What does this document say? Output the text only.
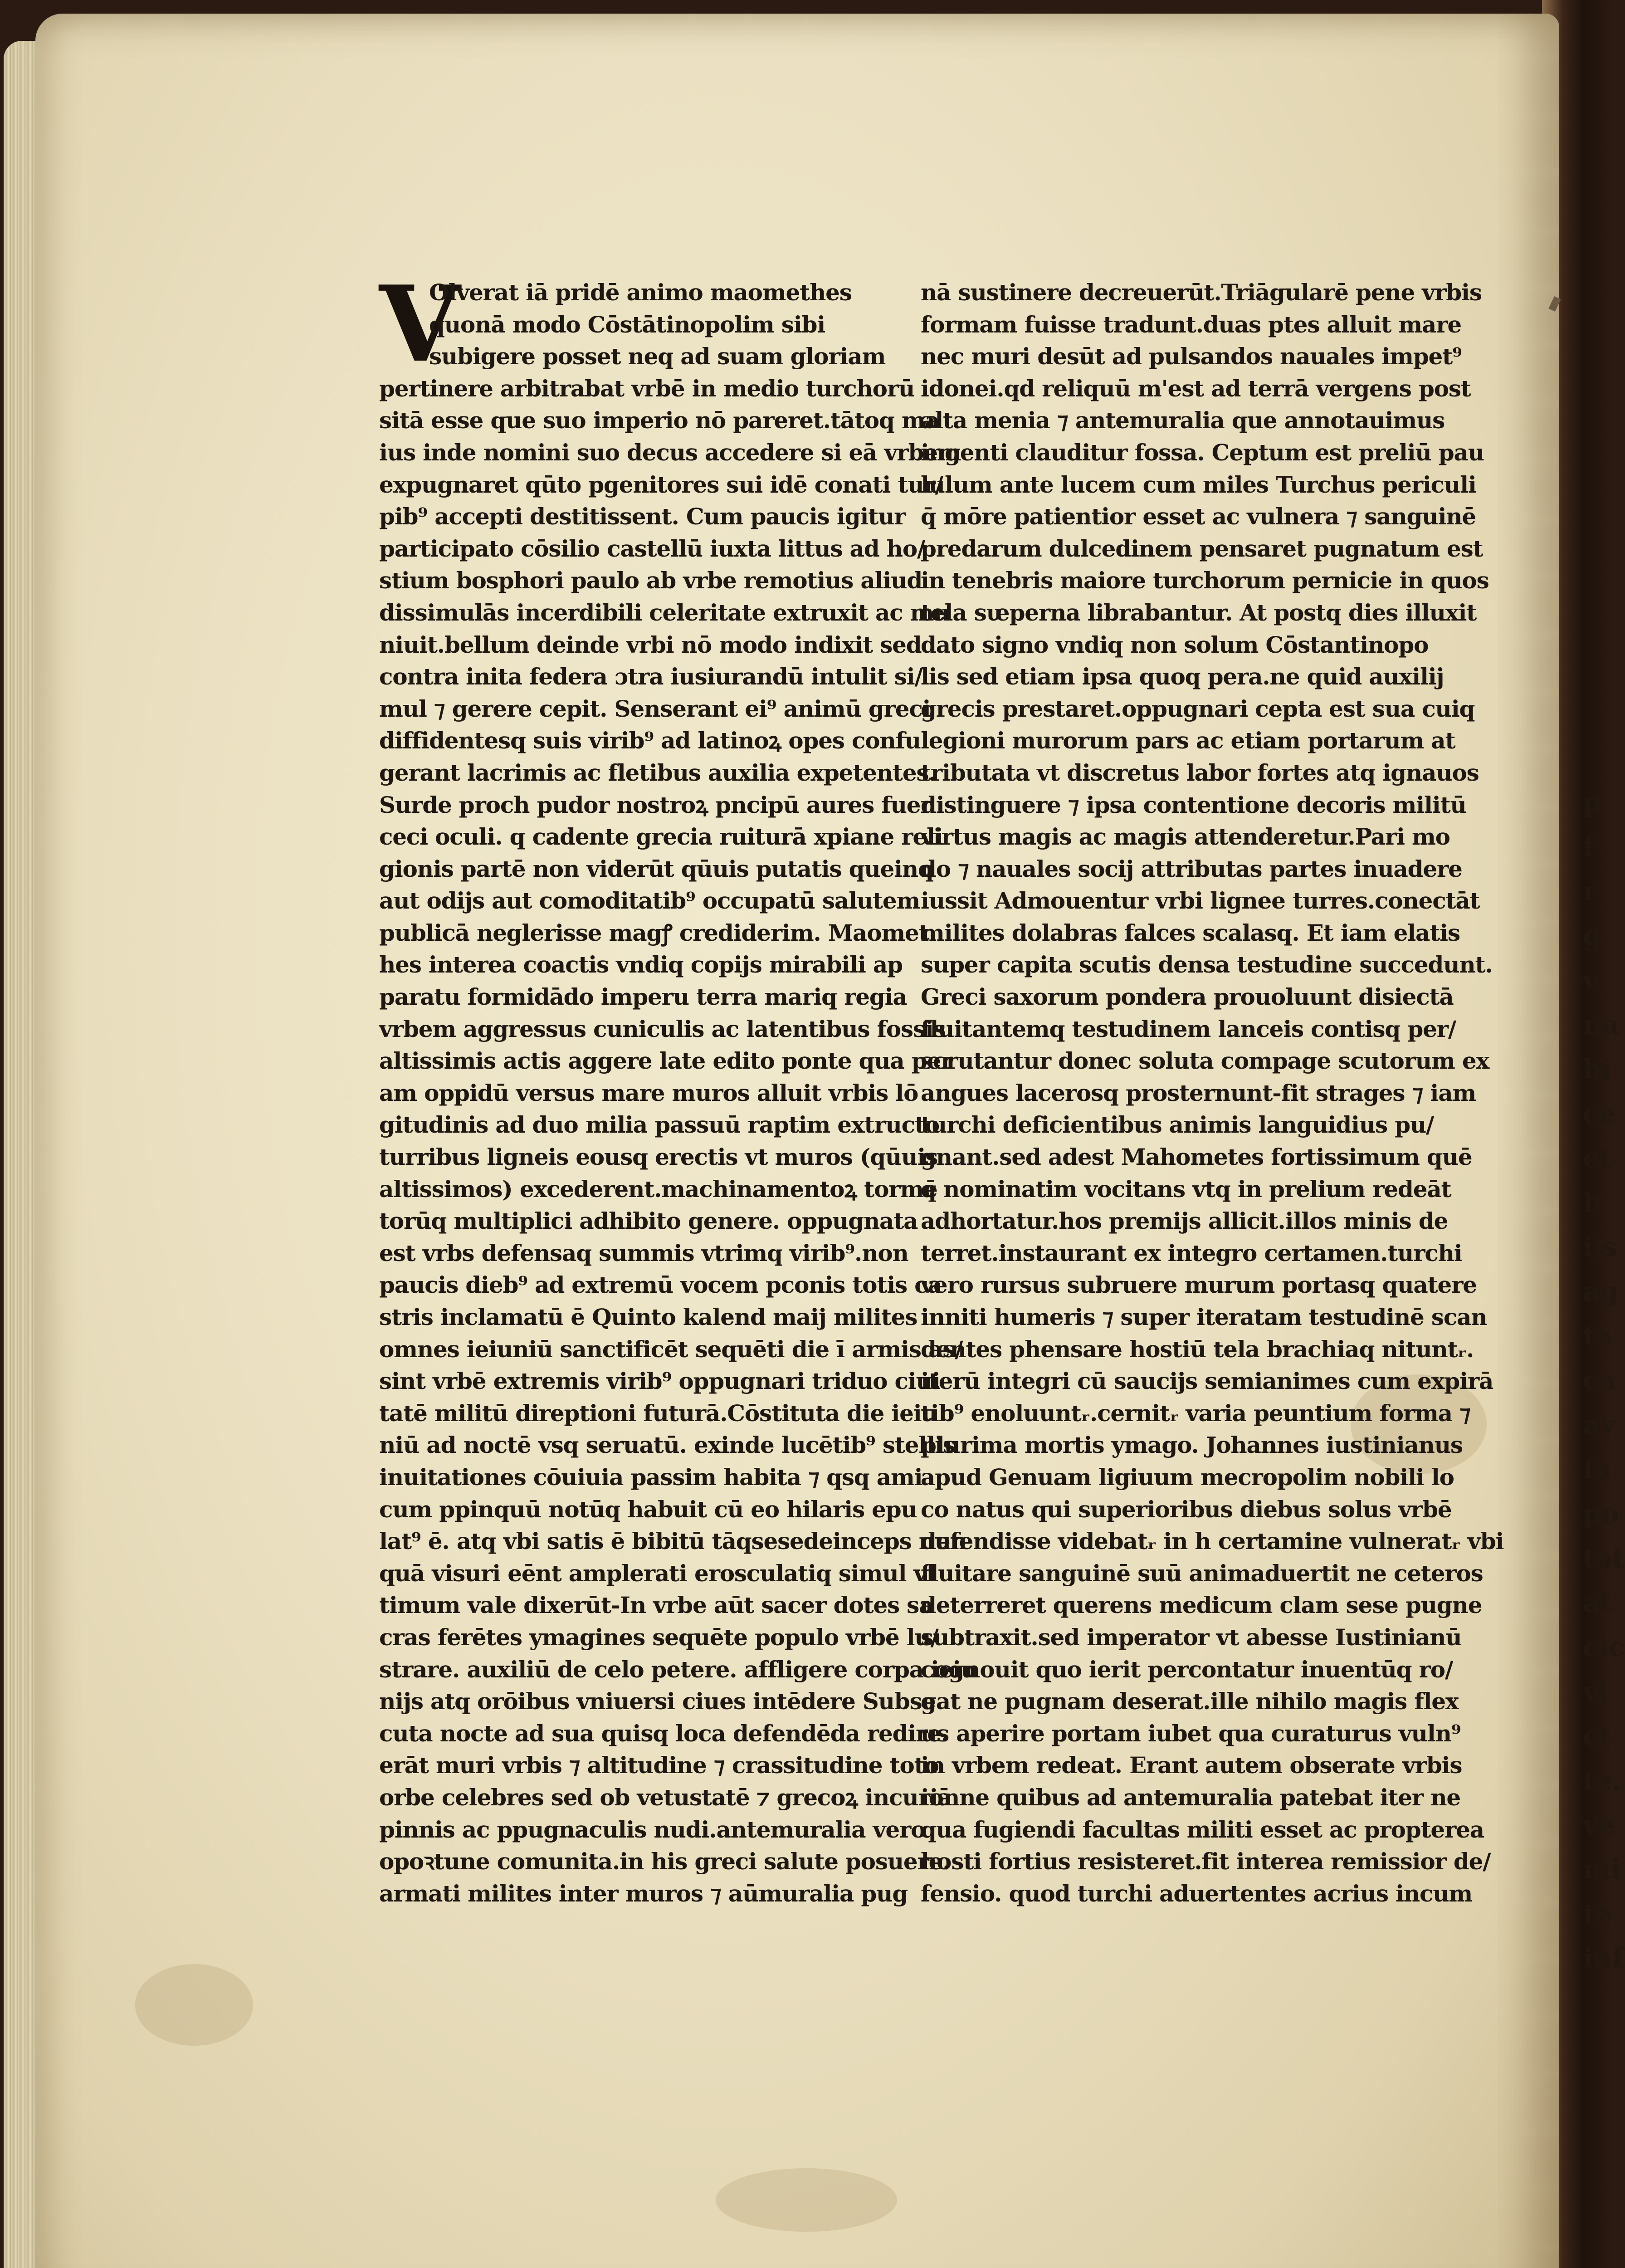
p
f
r
g
v
na
bi
ce
et
h
ijs
ag
te
ca
av
fa
po
tot
at
cic
vi
ct
te.
ve
mi
te
inf
V
Olverat iā pridē animo maomethes
quonā modo Cōstātinopolim sibi
subigere posset neq ad suam gloriam
pertinere arbitrabat vrbē in medio turchorū
sitā esse que suo imperio nō pareret.tātoq ma
ius inde nomini suo decus accedere si eā vrbem
expugnaret qūto pgenitores sui idē conati tur/
pib⁹ accepti destitissent. Cum paucis igitur
participato cōsilio castellū iuxta littus ad ho/
stium bosphori paulo ab vrbe remotius aliud
dissimulās incerdibili celeritate extruxit ac mu
niuit.bellum deinde vrbi nō modo indixit sed
contra inita federa ɔtra iusiurandū intulit si/
mul ⁊ gerere cepit. Senserant ei⁹ animū greci
diffidentesq suis virib⁹ ad latinoꝝ opes confu
gerant lacrimis ac fletibus auxilia expetentes.
Surde proch pudor nostroꝝ pncipū aures fuer
ceci oculi. q cadente grecia ruiturā xpiane reli
gionis partē non viderūt qūuis putatis queinq
aut odijs aut comoditatib⁹ occupatū salutem
publicā neglerisse magꝭ crediderim. Maomet
hes interea coactis vndiq copijs mirabili ap
paratu formidādo imperu terra mariq regia
vrbem aggressus cuniculis ac latentibus fossis
altissimis actis aggere late edito ponte qua per
am oppidū versus mare muros alluit vrbis lō
gitudinis ad duo milia passuū raptim extructo
turribus ligneis eousq erectis vt muros (qūuis
altissimos) excederent.machinamentoꝝ tormē
torūq multiplici adhibito genere. oppugnata
est vrbs defensaq summis vtrimq virib⁹.non
paucis dieb⁹ ad extremū vocem pconis totis ca
stris inclamatū ē Quinto kalend maij milites
omnes ieiuniū sanctificēt sequēti die ī armis as/
sint vrbē extremis virib⁹ oppugnari triduo ciui
tatē militū direptioni futurā.Cōstituta die ieiu
niū ad noctē vsq seruatū. exinde lucētib⁹ stellis
inuitationes cōuiuia passim habita ⁊ qsq ami
cum ppinquū notūq habuit cū eo hilaris epu
lat⁹ ē. atq vbi satis ē bibitū tāqsesedeinceps nun
quā visuri eēnt amplerati erosculatiq simul vl
timum vale dixerūt-In vrbe aūt sacer dotes sa
cras ferētes ymagines sequēte populo vrbē lu/
strare. auxiliū de celo petere. affligere corpa ieiu
nijs atq orōibus vniuersi ciues intēdere Subse
cuta nocte ad sua quisq loca defendēda redire.
erāt muri vrbis ⁊ altitudine ⁊ crassitudine toto
orbe celebres sed ob vetustatē ⁊ grecoꝝ incuriā
pinnis ac ppugnaculis nudi.antemuralia vero
opoꝛtune comunita.in his greci salute posuere.
armati milites inter muros ⁊ aūmuralia pug
nā sustinere decreuerūt.Triāgularē pene vrbis
formam fuisse tradunt.duas ptes alluit mare
nec muri desūt ad pulsandos nauales impet⁹
idonei.qd reliquū m'est ad terrā vergens post
alta menia ⁊ antemuralia que annotauimus
ingenti clauditur fossa. Ceptum est preliū pau
lulum ante lucem cum miles Turchus periculi
q̄ mōre patientior esset ac vulnera ⁊ sanguinē
predarum dulcedinem pensaret pugnatum est
in tenebris maiore turchorum pernicie in quos
tela sᵫperna librabantur. At postq dies illuxit
dato signo vndiq non solum Cōstantinopo
lis sed etiam ipsa quoq pera.ne quid auxilij
grecis prestaret.oppugnari cepta est sua cuiq
legioni murorum pars ac etiam portarum at
tributata vt discretus labor fortes atq ignauos
distinguere ⁊ ipsa contentione decoris militū
virtus magis ac magis attenderetur.Pari mo
do ⁊ nauales socij attributas partes inuadere
iussit Admouentur vrbi lignee turres.conectāt
milites dolabras falces scalasq. Et iam elatis
super capita scutis densa testudine succedunt.
Greci saxorum pondera prouoluunt disiectā
fluitantemq testudinem lanceis contisq per/
scrutantur donec soluta compage scutorum ex
angues lacerosq prosternunt-fit strages ⁊ iam
turchi deficientibus animis languidius pu/
gnant.sed adest Mahometes fortissimum quē
q nominatim vocitans vtq in prelium redeāt
adhortatur.hos premijs allicit.illos minis de
terret.instaurant ex integro certamen.turchi
vero rursus subruere murum portasq quatere
inniti humeris ⁊ super iteratam testudinē scan
dentes phensare hostiū tela brachiaq nituntᵣ.
iterū integri cū saucijs semianimes cum expirā
tib⁹ enoluuntᵣ.cernitᵣ varia peuntium forma ⁊
plurima mortis ymago. Johannes iustinianus
apud Genuam ligiuum mecropolim nobili lo
co natus qui superioribus diebus solus vrbē
defendisse videbatᵣ in h certamine vulneratᵣ vbi
fluitare sanguinē suū animaduertit ne ceteros
deterreret querens medicum clam sese pugne
subtraxit.sed imperator vt abesse Iustinianū
cognouit quo ierit percontatur inuentūq ro/
gat ne pugnam deserat.ille nihilo magis flex
us aperire portam iubet qua curaturus vuln⁹
in vrbem redeat. Erant autem obserate vrbis
ionne quibus ad antemuralia patebat iter ne
qua fugiendi facultas militi esset ac propterea
hosti fortius resisteret.fit interea remissior de/
fensio. quod turchi aduertentes acrius incum
